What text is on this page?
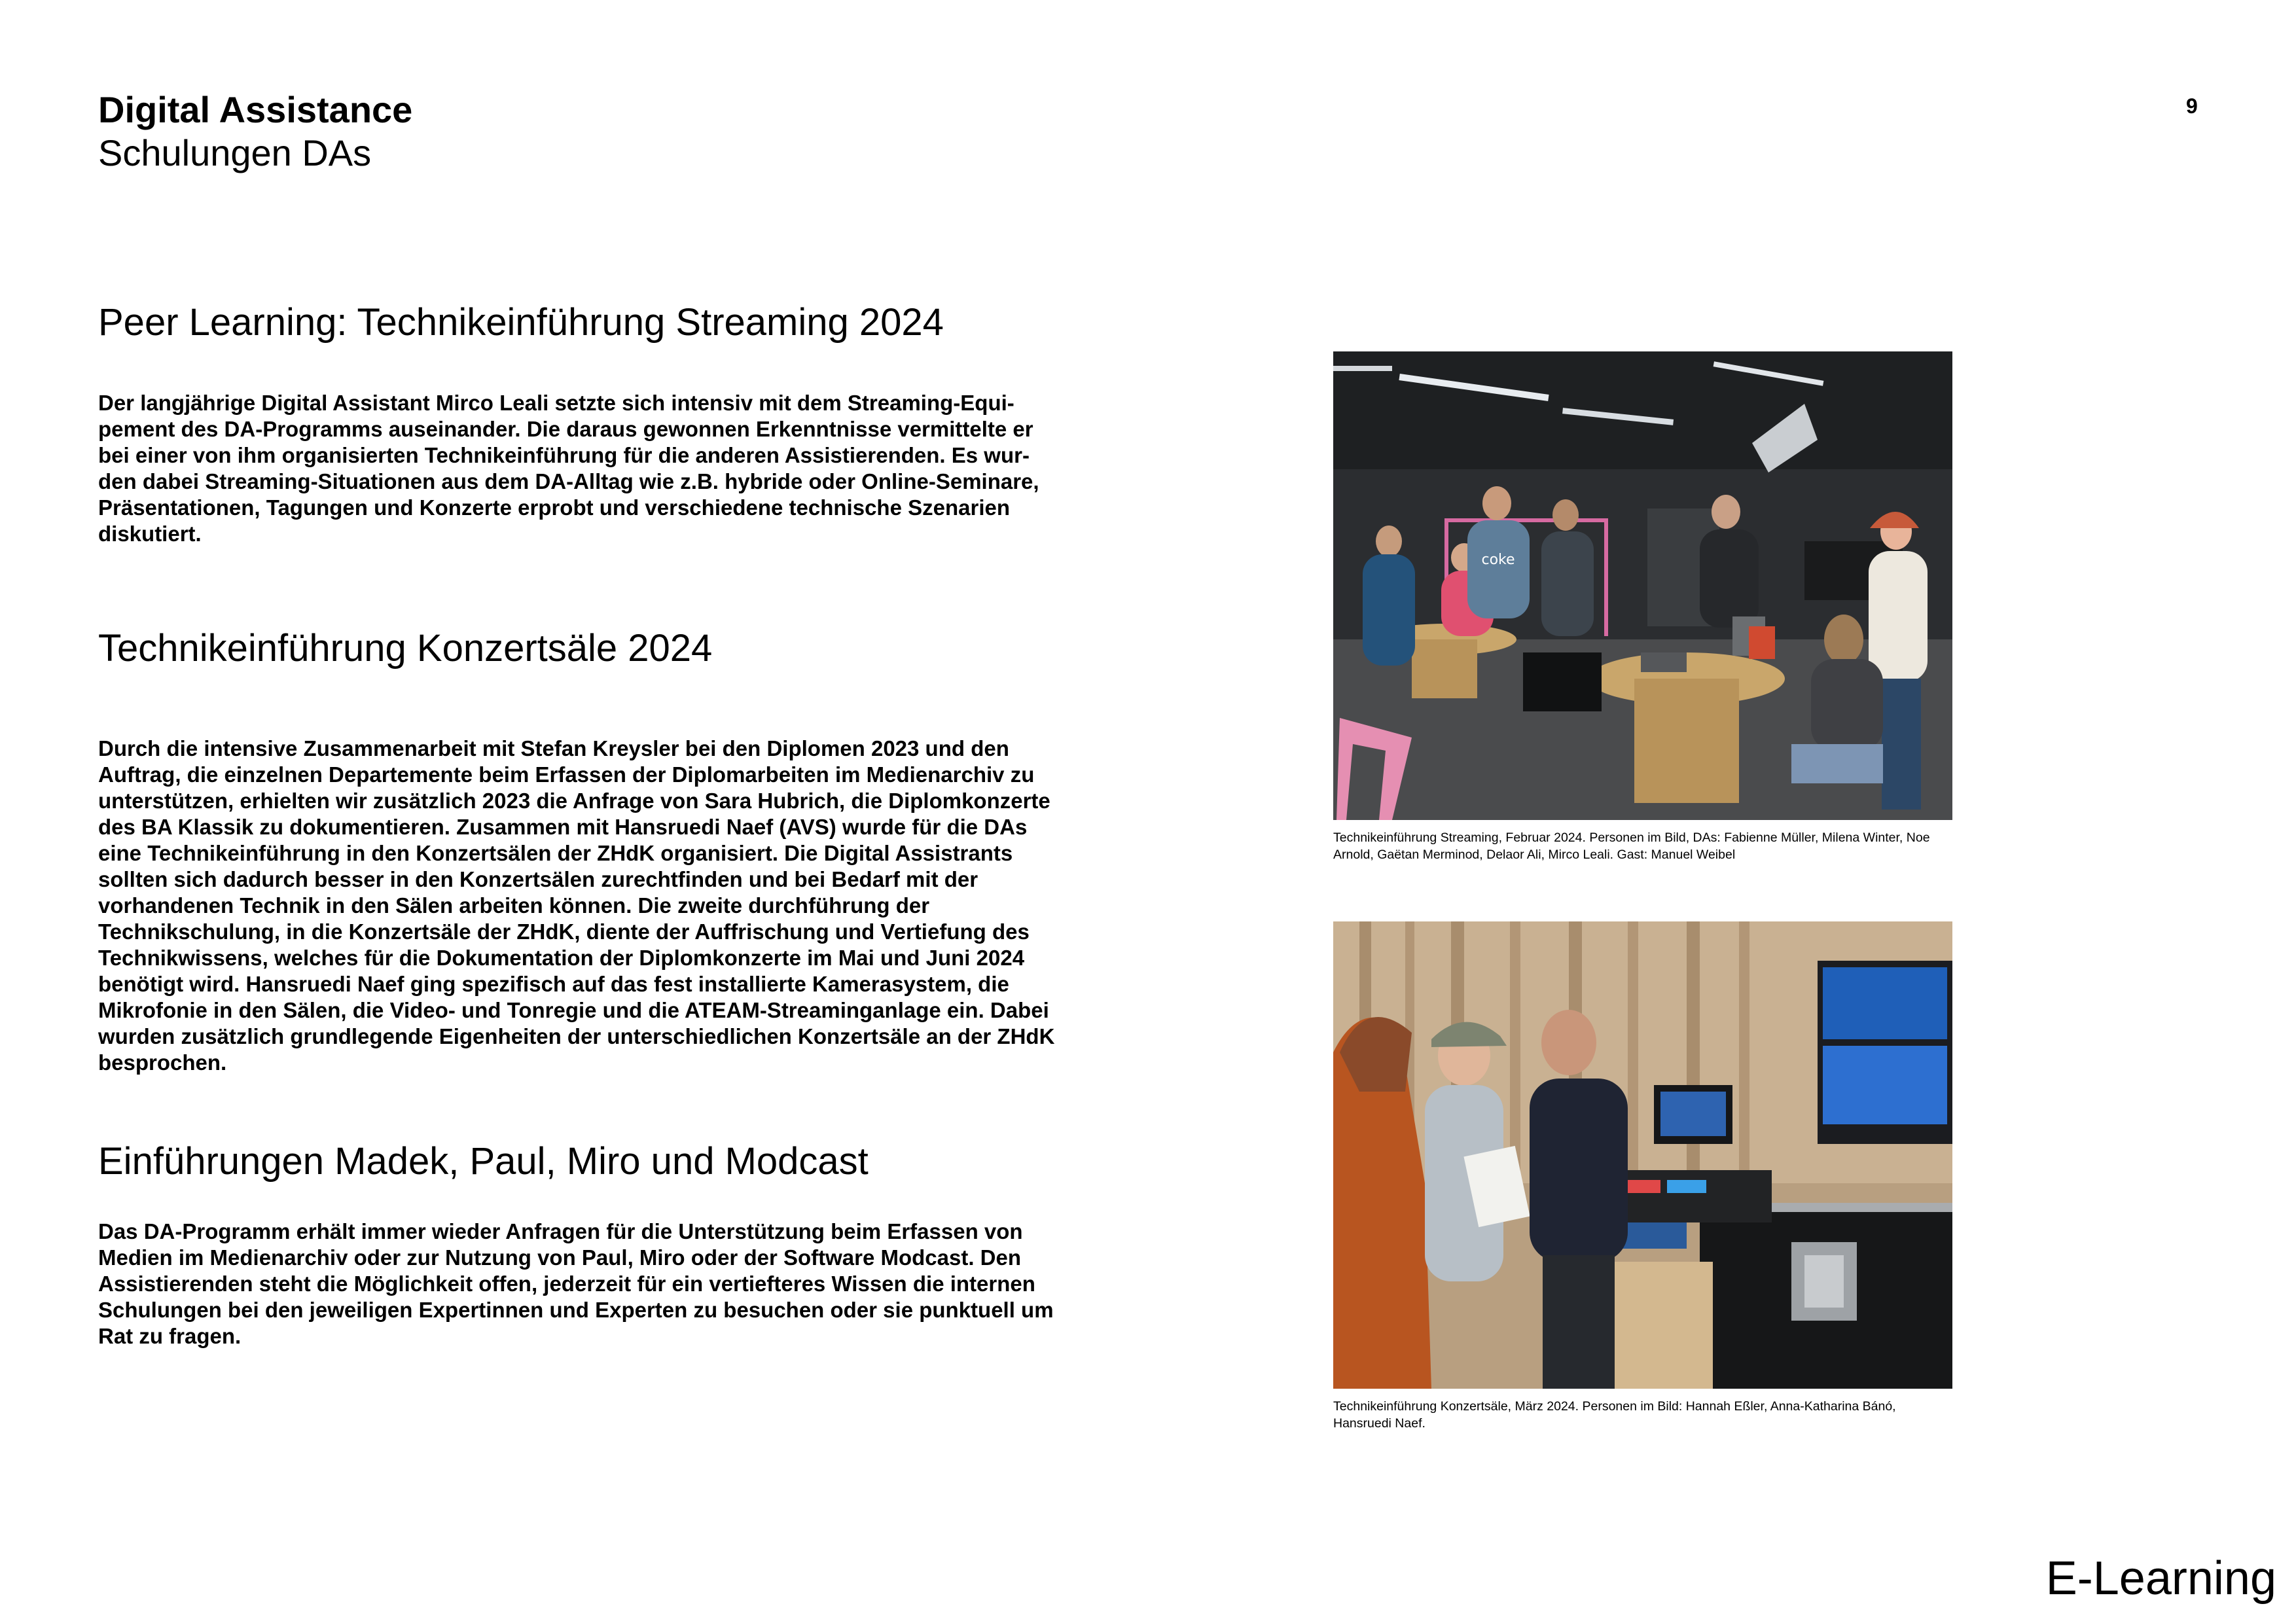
Digital Assistance
Schulungen DAs
9
Peer Learning: Technikeinführung Streaming 2024

Der langjährige Digital Assistant Mirco Leali setzte sich intensiv mit dem Streaming-Equipement des DA-Programms auseinander. Die daraus gewonnen Erkenntnisse vermittelte er bei einer von ihm organisierten Technikeinführung für die anderen Assistierenden. Es wurden dabei Streaming-Situationen aus dem DA-Alltag wie z.B. hybride oder Online-Seminare, Präsentationen, Tagungen und Konzerte erprobt und verschiedene technische Szenarien diskutiert.

Technikeinführung Konzertsäle 2024

Durch die intensive Zusammenarbeit mit Stefan Kreysler bei den Diplomen 2023 und den Auftrag, die einzelnen Departemente beim Erfassen der Diplomarbeiten im Medienarchiv zu unterstützen, erhielten wir zusätzlich 2023 die Anfrage von Sara Hubrich, die Diplomkonzerte des BA Klassik zu dokumentieren. Zusammen mit Hansruedi Naef (AVS) wurde für die DAs eine Technikeinführung in den Konzertsälen der ZHdK organisiert. Die Digital Assistrants sollten sich dadurch besser in den Konzertsälen zurechtfinden und bei Bedarf mit der vorhandenen Technik in den Sälen arbeiten können. Die zweite durchführung der Technikschulung, in die Konzertsäle der ZHdK, diente der Auffrischung und Vertiefung des Technikwissens, welches für die Dokumentation der Diplomkonzerte im Mai und Juni 2024 benötigt wird. Hansruedi Naef ging spezifisch auf das fest installierte Kamerasystem, die Mikrofonie in den Sälen, die Video- und Tonregie und die ATEAM-Streaminganlage ein. Dabei wurden zusätzlich grundlegende Eigenheiten der unterschiedlichen Konzertsäle an der ZHdK besprochen.

Einführungen Madek, Paul, Miro und Modcast

Das DA-Programm erhält immer wieder Anfragen für die Unterstützung beim Erfassen von Medien im Medienarchiv oder zur Nutzung von Paul, Miro oder der Software Modcast. Den Assistierenden steht die Möglichkeit offen, jederzeit für ein vertiefteres Wissen die internen Schulungen bei den jeweiligen Expertinnen und Experten zu besuchen oder sie punktuell um Rat zu fragen.

coke

Technikeinführung Streaming, Februar 2024. Personen im Bild, DAs: Fabienne Müller, Milena Winter, Noe Arnold, Gaëtan Merminod, Delaor Ali, Mirco Leali. Gast: Manuel Weibel

Technikeinführung Konzertsäle, März 2024. Personen im Bild: Hannah Eßler, Anna-Katharina Bánó, Hansruedi Naef.

E-Learning
